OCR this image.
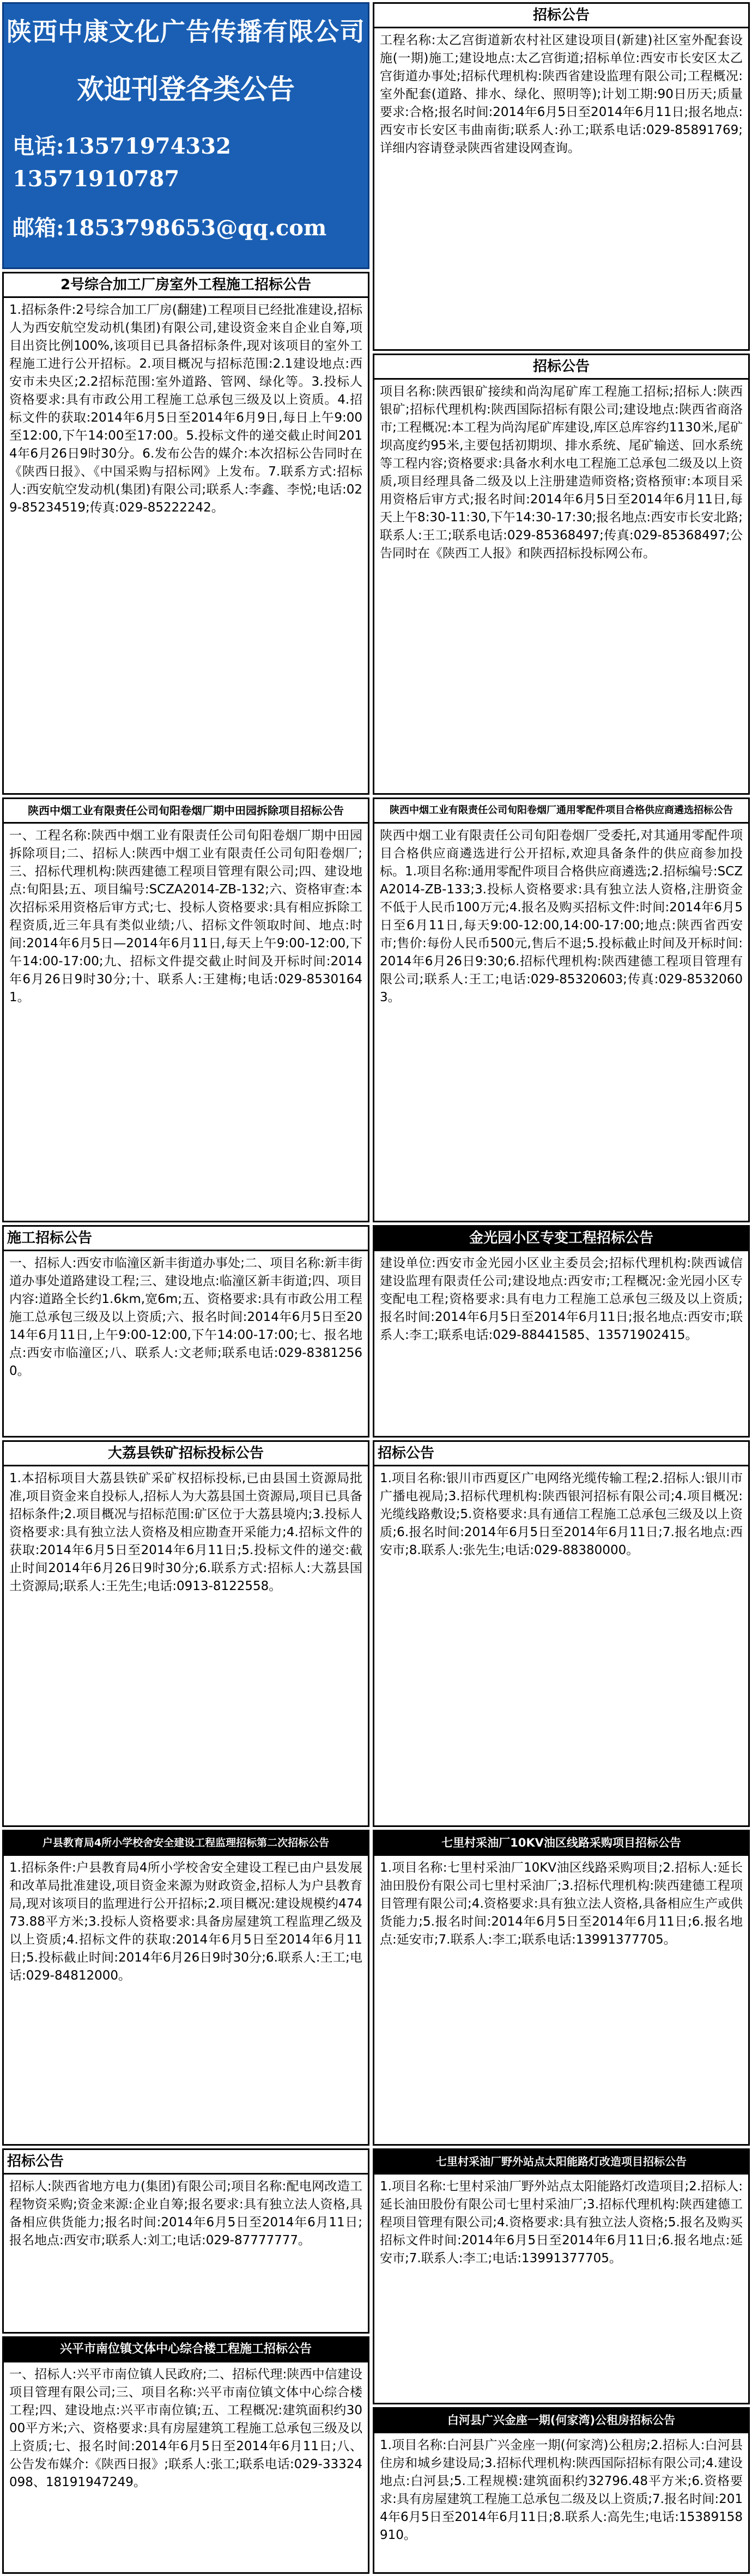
陕西中康文化广告传播有限公司
欢迎刊登各类公告
电话:13571974332 13571910787
邮箱:1853798653@qq.com
2号综合加工厂房室外工程施工招标公告
1.招标条件:2号综合加工厂房(翻建)工程项目已经批准建设,招标人为西安航空发动机(集团)有限公司,建设资金来自企业自筹,项目出资比例100%,该项目已具备招标条件,现对该项目的室外工程施工进行公开招标。2.项目概况与招标范围:2.1建设地点:西安市未央区;2.2招标范围:室外道路、管网、绿化等。3.投标人资格要求:具有市政公用工程施工总承包三级及以上资质。4.招标文件的获取:2014年6月5日至2014年6月9日,每日上午9:00至12:00,下午14:00至17:00。5.投标文件的递交截止时间2014年6月26日9时30分。6.发布公告的媒介:本次招标公告同时在《陕西日报》、《中国采购与招标网》上发布。7.联系方式:招标人:西安航空发动机(集团)有限公司;联系人:李鑫、李悦;电话:029-85234519;传真:029-85222242。
陕西中烟工业有限责任公司旬阳卷烟厂期中田园拆除项目招标公告
一、工程名称:陕西中烟工业有限责任公司旬阳卷烟厂期中田园拆除项目;二、招标人:陕西中烟工业有限责任公司旬阳卷烟厂;三、招标代理机构:陕西建德工程项目管理有限公司;四、建设地点:旬阳县;五、项目编号:SCZA2014-ZB-132;六、资格审查:本次招标采用资格后审方式;七、投标人资格要求:具有相应拆除工程资质,近三年具有类似业绩;八、招标文件领取时间、地点:时间:2014年6月5日—2014年6月11日,每天上午9:00-12:00,下午14:00-17:00;九、招标文件提交截止时间及开标时间:2014年6月26日9时30分;十、联系人:王建梅;电话:029-85301641。
施工招标公告
一、招标人:西安市临潼区新丰街道办事处;二、项目名称:新丰街道办事处道路建设工程;三、建设地点:临潼区新丰街道;四、项目内容:道路全长约1.6km,宽6m;五、资格要求:具有市政公用工程施工总承包三级及以上资质;六、报名时间:2014年6月5日至2014年6月11日,上午9:00-12:00,下午14:00-17:00;七、报名地点:西安市临潼区;八、联系人:文老师;联系电话:029-83812560。
大荔县铁矿招标投标公告
1.本招标项目大荔县铁矿采矿权招标投标,已由县国土资源局批准,项目资金来自投标人,招标人为大荔县国土资源局,项目已具备招标条件;2.项目概况与招标范围:矿区位于大荔县境内;3.投标人资格要求:具有独立法人资格及相应勘查开采能力;4.招标文件的获取:2014年6月5日至2014年6月11日;5.投标文件的递交:截止时间2014年6月26日9时30分;6.联系方式:招标人:大荔县国土资源局;联系人:王先生;电话:0913-8122558。
户县教育局4所小学校舍安全建设工程监理招标第二次招标公告
1.招标条件:户县教育局4所小学校舍安全建设工程已由户县发展和改革局批准建设,项目资金来源为财政资金,招标人为户县教育局,现对该项目的监理进行公开招标;2.项目概况:建设规模约47473.88平方米;3.投标人资格要求:具备房屋建筑工程监理乙级及以上资质;4.招标文件的获取:2014年6月5日至2014年6月11日;5.投标截止时间:2014年6月26日9时30分;6.联系人:王工;电话:029-84812000。
招标公告
招标人:陕西省地方电力(集团)有限公司;项目名称:配电网改造工程物资采购;资金来源:企业自筹;报名要求:具有独立法人资格,具备相应供货能力;报名时间:2014年6月5日至2014年6月11日;报名地点:西安市;联系人:刘工;电话:029-87777777。
兴平市南位镇文体中心综合楼工程施工招标公告
一、招标人:兴平市南位镇人民政府;二、招标代理:陕西中信建设项目管理有限公司;三、项目名称:兴平市南位镇文体中心综合楼工程;四、建设地点:兴平市南位镇;五、工程概况:建筑面积约3000平方米;六、资格要求:具有房屋建筑工程施工总承包三级及以上资质;七、报名时间:2014年6月5日至2014年6月11日;八、公告发布媒介:《陕西日报》;联系人:张工;联系电话:029-33324098、18191947249。
招标公告
工程名称:太乙宫街道新农村社区建设项目(新建)社区室外配套设施(一期)施工;建设地点:太乙宫街道;招标单位:西安市长安区太乙宫街道办事处;招标代理机构:陕西省建设监理有限公司;工程概况:室外配套(道路、排水、绿化、照明等);计划工期:90日历天;质量要求:合格;报名时间:2014年6月5日至2014年6月11日;报名地点:西安市长安区韦曲南街;联系人:孙工;联系电话:029-85891769;详细内容请登录陕西省建设网查询。
招标公告
项目名称:陕西银矿接续和尚沟尾矿库工程施工招标;招标人:陕西银矿;招标代理机构:陕西国际招标有限公司;建设地点:陕西省商洛市;工程概况:本工程为尚沟尾矿库建设,库区总库容约1130米,尾矿坝高度约95米,主要包括初期坝、排水系统、尾矿输送、回水系统等工程内容;资格要求:具备水利水电工程施工总承包二级及以上资质,项目经理具备二级及以上注册建造师资格;资格预审:本项目采用资格后审方式;报名时间:2014年6月5日至2014年6月11日,每天上午8:30-11:30,下午14:30-17:30;报名地点:西安市长安北路;联系人:王工;联系电话:029-85368497;传真:029-85368497;公告同时在《陕西工人报》和陕西招标投标网公布。
陕西中烟工业有限责任公司旬阳卷烟厂通用零配件项目合格供应商遴选招标公告
陕西中烟工业有限责任公司旬阳卷烟厂受委托,对其通用零配件项目合格供应商遴选进行公开招标,欢迎具备条件的供应商参加投标。1.项目名称:通用零配件项目合格供应商遴选;2.招标编号:SCZA2014-ZB-133;3.投标人资格要求:具有独立法人资格,注册资金不低于人民币100万元;4.报名及购买招标文件:时间:2014年6月5日至6月11日,每天9:00-12:00,14:00-17:00;地点:陕西省西安市;售价:每份人民币500元,售后不退;5.投标截止时间及开标时间:2014年6月26日9:30;6.招标代理机构:陕西建德工程项目管理有限公司;联系人:王工;电话:029-85320603;传真:029-85320603。
金光园小区专变工程招标公告
建设单位:西安市金光园小区业主委员会;招标代理机构:陕西诚信建设监理有限责任公司;建设地点:西安市;工程概况:金光园小区专变配电工程;资格要求:具有电力工程施工总承包三级及以上资质;报名时间:2014年6月5日至2014年6月11日;报名地点:西安市;联系人:李工;联系电话:029-88441585、13571902415。
招标公告
1.项目名称:银川市西夏区广电网络光缆传输工程;2.招标人:银川市广播电视局;3.招标代理机构:陕西银河招标有限公司;4.项目概况:光缆线路敷设;5.资格要求:具有通信工程施工总承包三级及以上资质;6.报名时间:2014年6月5日至2014年6月11日;7.报名地点:西安市;8.联系人:张先生;电话:029-88380000。
七里村采油厂10KV油区线路采购项目招标公告
1.项目名称:七里村采油厂10KV油区线路采购项目;2.招标人:延长油田股份有限公司七里村采油厂;3.招标代理机构:陕西建德工程项目管理有限公司;4.资格要求:具有独立法人资格,具备相应生产或供货能力;5.报名时间:2014年6月5日至2014年6月11日;6.报名地点:延安市;7.联系人:李工;联系电话:13991377705。
七里村采油厂野外站点太阳能路灯改造项目招标公告
1.项目名称:七里村采油厂野外站点太阳能路灯改造项目;2.招标人:延长油田股份有限公司七里村采油厂;3.招标代理机构:陕西建德工程项目管理有限公司;4.资格要求:具有独立法人资格;5.报名及购买招标文件时间:2014年6月5日至2014年6月11日;6.报名地点:延安市;7.联系人:李工;电话:13991377705。
白河县广兴金座一期(何家湾)公租房招标公告
1.项目名称:白河县广兴金座一期(何家湾)公租房;2.招标人:白河县住房和城乡建设局;3.招标代理机构:陕西国际招标有限公司;4.建设地点:白河县;5.工程规模:建筑面积约32796.48平方米;6.资格要求:具有房屋建筑工程施工总承包二级及以上资质;7.报名时间:2014年6月5日至2014年6月11日;8.联系人:高先生;电话:15389158910。
